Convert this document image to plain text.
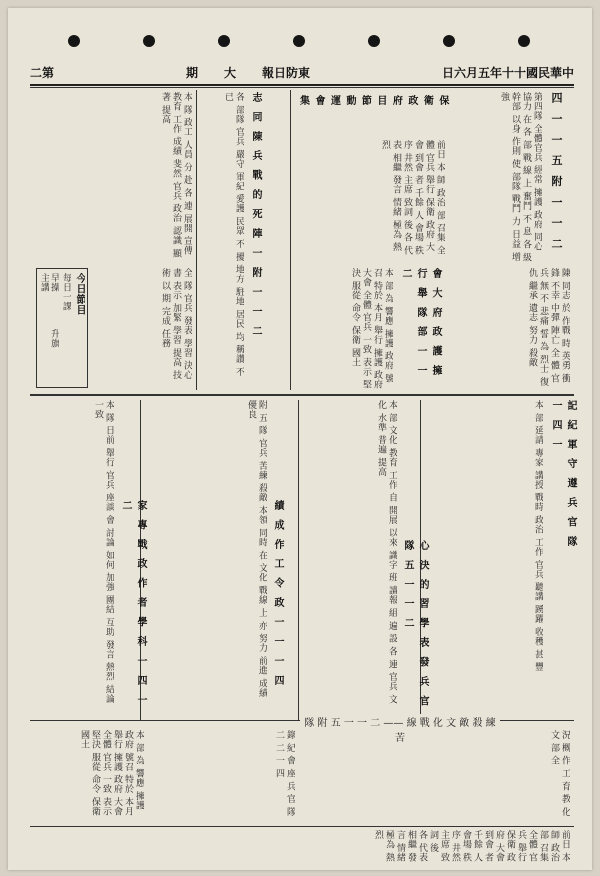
二第	期 大 報日防東	日六月五年十十國民華中
四 一 一 五 附 一 一 二
第四隊 全體官兵 經常 擁護 政府 同心 協力 在 各 部 戰 線 上 奮鬥 不 息 各 級 幹部 以身 作則 使 部隊 戰鬥 力 日益 增強
集 會 運 動 節 目 府 政 衛 保
前日 本 師 政治 部 召集 全體 官兵 舉行 保衛 政府 大會 到會 者 千餘 人 會場 秩序 井然 主席 致詞 後 各 代表 相繼 發言 情緒 極為 熱烈
會 大 府 政 護 擁 行 舉 隊 部 一 一 二
本 部 為 響應 擁護 政府 號召 特於 本月 舉行 擁護 政府 大會 全體 官兵 一致 表示 堅決 服從 命令 保衛 國土	陳 同志 於 作戰 時 英勇 衝鋒 不幸 中彈 陣亡 全 體 官兵 無 不 悲痛 誓 為 烈士 復仇 繼承 遺志 努力 殺敵
志 同 陳 兵 戰 的 死 陣 一 附 一 一 二
各 部隊 官兵 嚴守 軍紀 愛護 民眾 不 擾 地方 駐地 居民 均 稱讚 不已
本 隊 政工 人員 分 赴 各 連 展開 宣傳 教育 工作 成績 斐然 官兵 政治 認識 顯著 提高
今日節目
每日一課
早操
升旗
主講	全 隊 官兵 發表 學習 決心 書 表示 加緊 學習 提高 技術 以 期 完成 任務
記 紀 軍 守 遵 兵 官 隊 一 四 一
本 部 延請 專家 講授 戰時 政治 工作 官兵 聽講 踴躍 收穫 甚 豐
心 決 的 習 學 表 發 兵 官 隊 五 一 一 二
本 部 文化 教育 工作 自 開展 以來 識字 班 讀報 組 遍 設 各 連 官兵 文化 水準 普遍 提高
績 成 作 工 令 政 一 一 一 四
附 五 隊 官兵 苦練 殺敵 本領 同時 在 文化 戰線 上 亦 努力 前進 成績 優良
家 專 戰 政 作 者 學 科 一 四 一 二
本 隊 日前 舉行 官兵 座談 會 討論 如何 加強 團結 互助 發言 熱烈 結論 一致
隊 附 五 一 一 二 —— 線 戰 化 文 敵 殺 練 苦	況 概 作 工 育 教 化 文 部 全
錄 紀 會 座 兵 官 隊 二 二 一 四
本 部 為 響應 擁護 政府 號召 特於 本月 舉行 擁護 政府 大會 全體 官兵 一致 表示 堅決 服從 命令 保衛 國土
前日 本 師 政治 部 召集 全體 官兵 舉行 保衛 政府 大會 到會 者 千餘 人 會場 秩序 井然 主席 致詞 後 各 代表 相繼 發言 情緒 極為 熱烈
